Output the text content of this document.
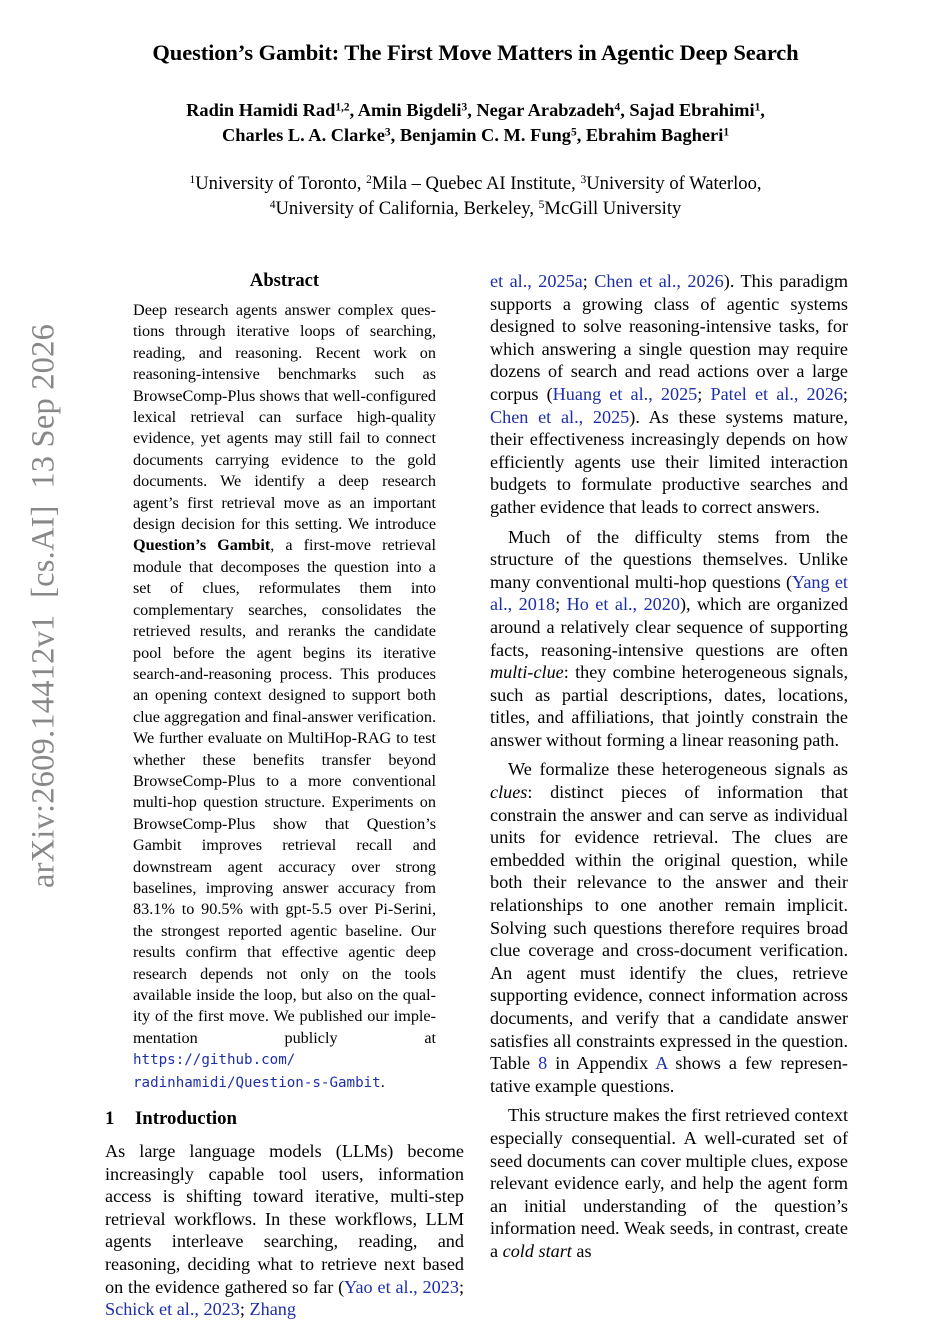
Question’s Gambit: The First Move Matters in Agentic Deep Search
Radin Hamidi Rad$^{1,2}$, Amin Bigdeli$^3$, Negar Arabzadeh$^4$, Sajad Ebrahimi$^1$,
Charles L. A. Clarke$^3$, Benjamin C. M. Fung$^5$, Ebrahim Bagheri$^1$
$^1$University of Toronto, $^2$Mila – Quebec AI Institute, $^3$University of Waterloo,
$^4$University of California, Berkeley, $^5$McGill University
arXiv:2609.14412v1  [cs.AI]  13 Sep 2026
Abstract
Deep research agents answer complex questions through iterative loops of searching, reading, and reasoning. Recent work on reasoning-intensive benchmarks such as BrowseComp-Plus shows that well-configured lexical retrieval can surface high-quality evidence, yet agents may still fail to connect documents carrying evidence to the gold documents. We identify a deep research agent’s first retrieval move as an important design decision for this setting. We introduce Question’s Gambit, a first-move retrieval module that decomposes the question into a set of clues, reformulates them into complementary searches, consolidates the retrieved results, and reranks the candidate pool before the agent begins its iterative search-and-reasoning process. This produces an opening context designed to support both clue aggregation and final-answer verification. We further evaluate on MultiHop-RAG to test whether these benefits transfer beyond BrowseComp-Plus to a more conventional multi-hop question structure. Experiments on BrowseComp-Plus show that Question’s Gambit improves retrieval recall and downstream agent accuracy over strong baselines, improving answer accuracy from 83.1% to 90.5% with gpt-5.5 over Pi-Serini, the strongest reported agentic baseline. Our results confirm that effective agentic deep research depends not only on the tools available inside the loop, but also on the quality of the first move. We published our implementation publicly at https://github.com/
radinhamidi/Question-s-Gambit.
1 Introduction

As large language models (LLMs) become increasingly capable tool users, information access is shifting toward iterative, multi-step retrieval workflows. In these workflows, LLM agents interleave searching, reading, and reasoning, deciding what to retrieve next based on the evidence gathered so far (Yao et al., 2023; Schick et al., 2023; Zhang

et al., 2025a; Chen et al., 2026). This paradigm supports a growing class of agentic systems designed to solve reasoning-intensive tasks, for which answering a single question may require dozens of search and read actions over a large corpus (Huang et al., 2025; Patel et al., 2026; Chen et al., 2025). As these systems mature, their effectiveness increasingly depends on how efficiently agents use their limited interaction budgets to formulate productive searches and gather evidence that leads to correct answers.

Much of the difficulty stems from the structure of the questions themselves. Unlike many conventional multi-hop questions (Yang et al., 2018; Ho et al., 2020), which are organized around a relatively clear sequence of supporting facts, reasoning-intensive questions are often multi-clue: they combine heterogeneous signals, such as partial descriptions, dates, locations, titles, and affiliations, that jointly constrain the answer without forming a linear reasoning path.

We formalize these heterogeneous signals as clues: distinct pieces of information that constrain the answer and can serve as individual units for evidence retrieval. The clues are embedded within the original question, while both their relevance to the answer and their relationships to one another remain implicit. Solving such questions therefore requires broad clue coverage and cross-document verification. An agent must identify the clues, retrieve supporting evidence, connect information across documents, and verify that a candidate answer satisfies all constraints expressed in the question. Table 8 in Appendix A shows a few representative example questions.

This structure makes the first retrieved context especially consequential. A well-curated set of seed documents can cover multiple clues, expose relevant evidence early, and help the agent form an initial understanding of the question’s information need. Weak seeds, in contrast, create a cold start as
